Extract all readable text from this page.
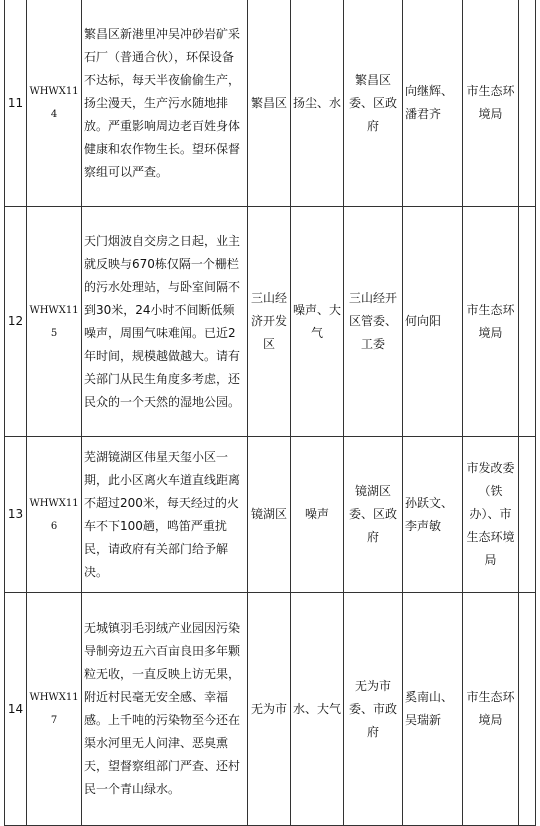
11	WHWX114	繁昌区新港里冲吴冲砂岩矿采石厂（普通合伙），环保设备不达标，每天半夜偷偷生产，扬尘漫天，生产污水随地排放。严重影响周边老百姓身体健康和农作物生长。望环保督察组可以严查。	繁昌区	扬尘、水	繁昌区委、区政府	向继辉、潘君齐	市生态环境局	
12	WHWX115	天门烟波自交房之日起，业主就反映与670栋仅隔一个栅栏的污水处理站，与卧室间隔不到30米，24小时不间断低频噪声，周围气味难闻。已近2年时间，规模越做越大。请有关部门从民生角度多考虑，还民众的一个天然的湿地公园。	三山经济开发区	噪声、大气	三山经开区管委、工委	何向阳	市生态环境局	
13	WHWX116	芜湖镜湖区伟星天玺小区一期，此小区离火车道直线距离不超过200米，每天经过的火车不下100趟，鸣笛严重扰民，请政府有关部门给予解决。	镜湖区	噪声	镜湖区委、区政府	孙跃文、李声敏	市发改委（铁办）、市生态环境局	
14	WHWX117	无城镇羽毛羽绒产业园因污染导制旁边五六百亩良田多年颗粒无收，一直反映上访无果，附近村民毫无安全感、幸福感。上千吨的污染物至今还在渠水河里无人问津、恶臭熏天，望督察组部门严查、还村民一个青山绿水。	无为市	水、大气	无为市委、市政府	奚南山、吴瑞新	市生态环境局	
